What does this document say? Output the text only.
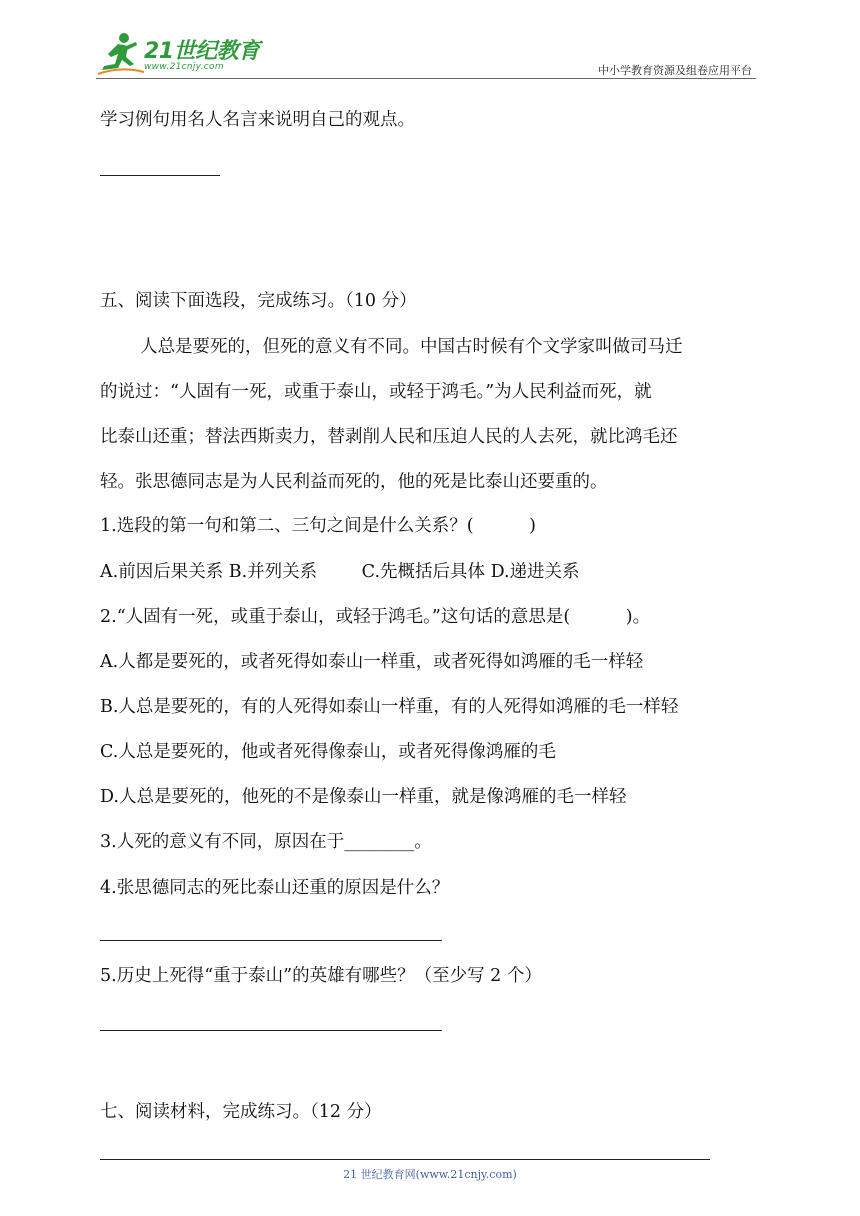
21世纪教育
www.21cnjy.com	中小学教育资源及组卷应用平台
学习例句用名人名言来说明自己的观点。
五、阅读下面选段，完成练习。（10 分）
人总是要死的，但死的意义有不同。中国古时候有个文学家叫做司马迁
的说过：“人固有一死，或重于泰山，或轻于鸿毛。”为人民利益而死，就
比泰山还重；替法西斯卖力，替剥削人民和压迫人民的人去死，就比鸿毛还
轻。张思德同志是为人民利益而死的，他的死是比泰山还要重的。
1.选段的第一句和第二、三句之间是什么关系？(          )
A.前因后果关系 B.并列关系        C.先概括后具体 D.递进关系
2.“人固有一死，或重于泰山，或轻于鸿毛。”这句话的意思是(          )。
A.人都是要死的，或者死得如泰山一样重，或者死得如鸿雁的毛一样轻
B.人总是要死的，有的人死得如泰山一样重，有的人死得如鸿雁的毛一样轻
C.人总是要死的，他或者死得像泰山，或者死得像鸿雁的毛
D.人总是要死的，他死的不是像泰山一样重，就是像鸿雁的毛一样轻
3.人死的意义有不同，原因在于________。
4.张思德同志的死比泰山还重的原因是什么？
5.历史上死得“重于泰山”的英雄有哪些？（至少写 2 个）
七、阅读材料，完成练习。（12 分）
21 世纪教育网(www.21cnjy.com)
